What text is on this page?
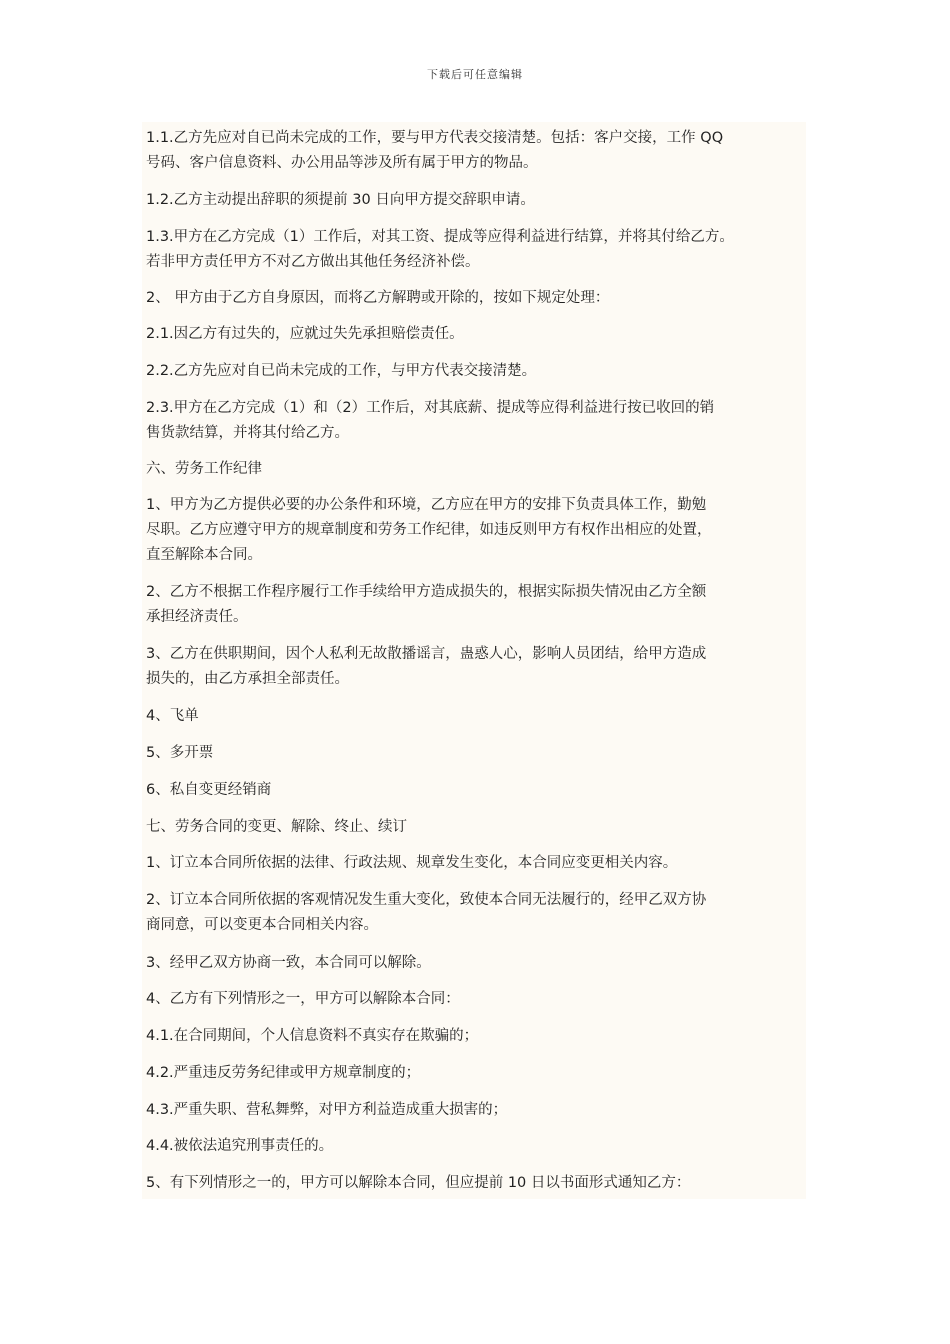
下载后可任意编辑
1.1.乙方先应对自已尚未完成的工作，要与甲方代表交接清楚。包括：客户交接，工作 QQ
号码、客户信息资料、办公用品等涉及所有属于甲方的物品。
1.2.乙方主动提出辞职的须提前 30 日向甲方提交辞职申请。
1.3.甲方在乙方完成（1）工作后，对其工资、提成等应得利益进行结算，并将其付给乙方。
若非甲方责任甲方不对乙方做出其他任务经济补偿。
2、 甲方由于乙方自身原因，而将乙方解聘或开除的，按如下规定处理：
2.1.因乙方有过失的，应就过失先承担赔偿责任。
2.2.乙方先应对自已尚未完成的工作，与甲方代表交接清楚。
2.3.甲方在乙方完成（1）和（2）工作后，对其底薪、提成等应得利益进行按已收回的销
售货款结算，并将其付给乙方。
六、劳务工作纪律
1、甲方为乙方提供必要的办公条件和环境，乙方应在甲方的安排下负责具体工作，勤勉
尽职。乙方应遵守甲方的规章制度和劳务工作纪律，如违反则甲方有权作出相应的处置，
直至解除本合同。
2、乙方不根据工作程序履行工作手续给甲方造成损失的，根据实际损失情况由乙方全额
承担经济责任。
3、乙方在供职期间，因个人私利无故散播谣言，蛊惑人心，影响人员团结，给甲方造成
损失的，由乙方承担全部责任。
4、飞单
5、多开票
6、私自变更经销商
七、劳务合同的变更、解除、终止、续订
1、订立本合同所依据的法律、行政法规、规章发生变化，本合同应变更相关内容。
2、订立本合同所依据的客观情况发生重大变化，致使本合同无法履行的，经甲乙双方协
商同意，可以变更本合同相关内容。
3、经甲乙双方协商一致，本合同可以解除。
4、乙方有下列情形之一，甲方可以解除本合同：
4.1.在合同期间，个人信息资料不真实存在欺骗的；
4.2.严重违反劳务纪律或甲方规章制度的；
4.3.严重失职、营私舞弊，对甲方利益造成重大损害的；
4.4.被依法追究刑事责任的。
5、有下列情形之一的，甲方可以解除本合同，但应提前 10 日以书面形式通知乙方：
